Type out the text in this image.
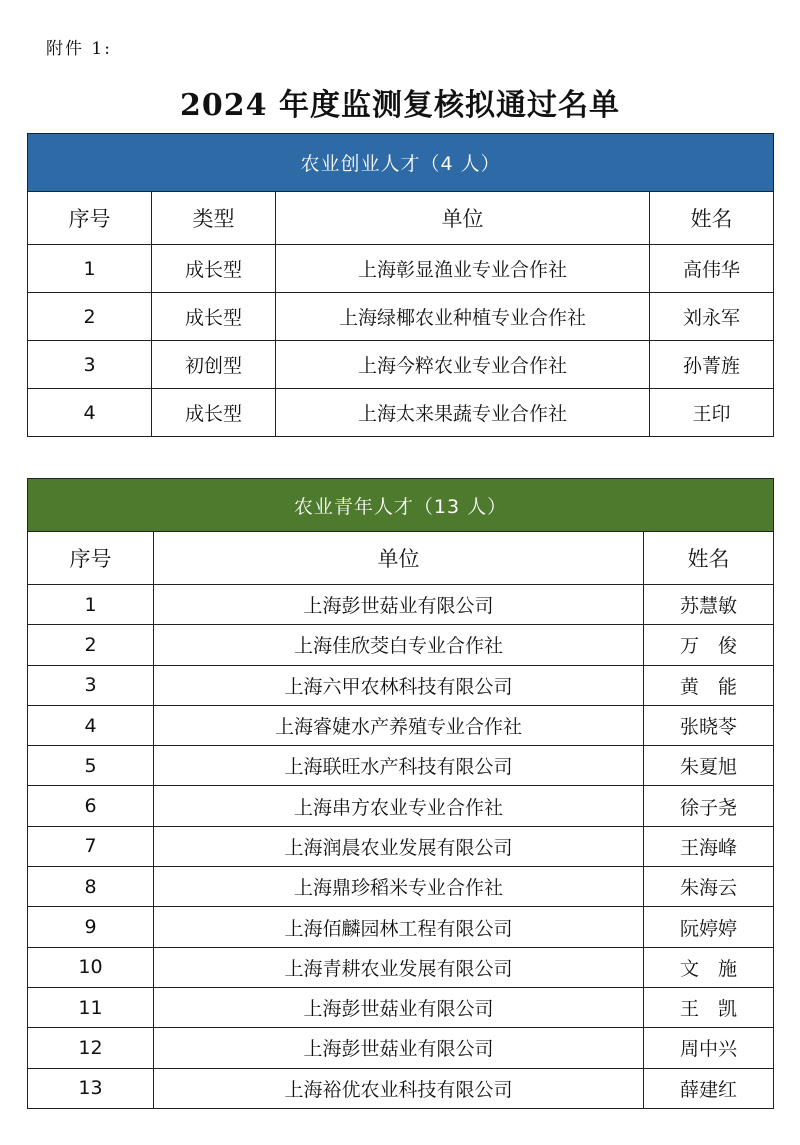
附件 1:
2024 年度监测复核拟通过名单
农业创业人才（4 人）			
序号	类型	单位	姓名
1	成长型	上海彰显渔业专业合作社	高伟华
2	成长型	上海绿椰农业种植专业合作社	刘永军
3	初创型	上海今粹农业专业合作社	孙菁旌
4	成长型	上海太来果蔬专业合作社	王印
农业青年人才（13 人）		
序号	单位	姓名
1	上海彭世菇业有限公司	苏慧敏
2	上海佳欣茭白专业合作社	万　俊
3	上海六甲农林科技有限公司	黄　能
4	上海睿婕水产养殖专业合作社	张晓苓
5	上海联旺水产科技有限公司	朱夏旭
6	上海串方农业专业合作社	徐子尧
7	上海润晨农业发展有限公司	王海峰
8	上海鼎珍稻米专业合作社	朱海云
9	上海佰麟园林工程有限公司	阮婷婷
10	上海青耕农业发展有限公司	文　施
11	上海彭世菇业有限公司	王　凯
12	上海彭世菇业有限公司	周中兴
13	上海裕优农业科技有限公司	薛建红
